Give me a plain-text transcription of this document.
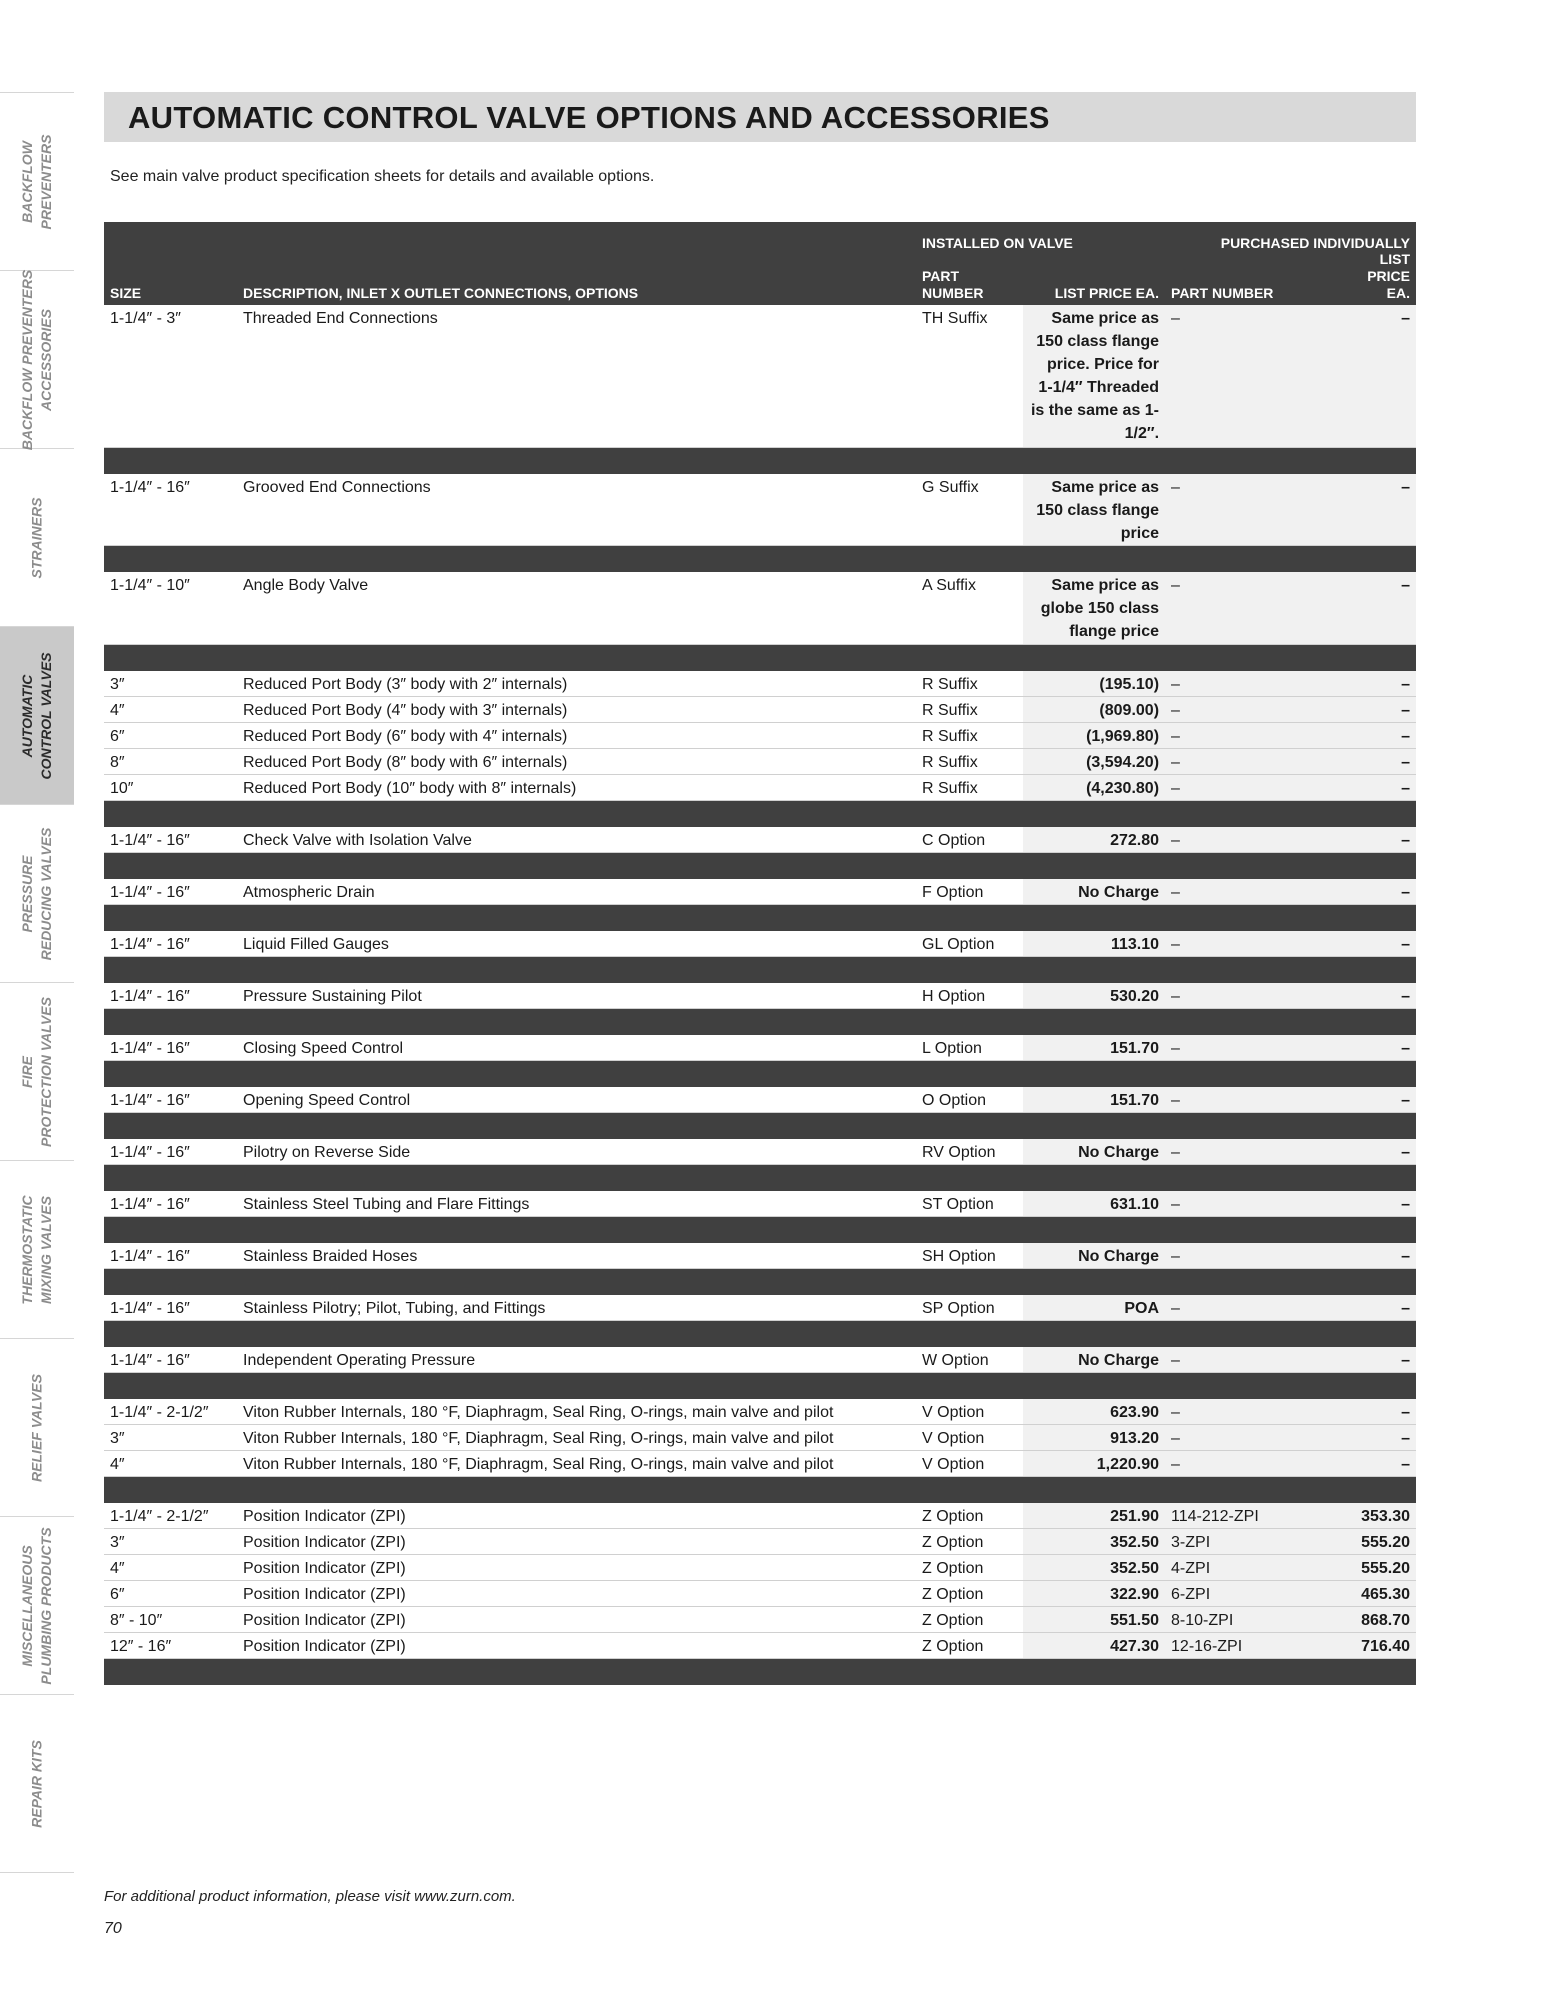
BACKFLOW
PREVENTERS
BACKFLOW PREVENTERS
ACCESSORIES
STRAINERS
AUTOMATIC
CONTROL VALVES
PRESSURE
REDUCING VALVES
FIRE
PROTECTION VALVES
THERMOSTATIC
MIXING VALVES
RELIEF VALVES
MISCELLANEOUS
PLUMBING PRODUCTS
REPAIR KITS
AUTOMATIC CONTROL VALVE OPTIONS AND ACCESSORIES
See main valve product specification sheets for details and available options.
		INSTALLED ON VALVE		PURCHASED INDIVIDUALLY	
SIZE	DESCRIPTION, INLET X OUTLET CONNECTIONS, OPTIONS	PART NUMBER	LIST PRICE EA.	PART NUMBER	LIST PRICE EA.
1-1/4″ - 3″	Threaded End Connections	TH Suffix	Same price as 150 class flange price. Price for 1-1/4″ Threaded is the same as 1-1/2″.	–	–

1-1/4″ - 16″	Grooved End Connections	G Suffix	Same price as 150 class flange price	–	–

1-1/4″ - 10″	Angle Body Valve	A Suffix	Same price as globe 150 class flange price	–	–

3″	Reduced Port Body (3″ body with 2″ internals)	R Suffix	(195.10)	–	–
4″	Reduced Port Body (4″ body with 3″ internals)	R Suffix	(809.00)	–	–
6″	Reduced Port Body (6″ body with 4″ internals)	R Suffix	(1,969.80)	–	–
8″	Reduced Port Body (8″ body with 6″ internals)	R Suffix	(3,594.20)	–	–
10″	Reduced Port Body (10″ body with 8″ internals)	R Suffix	(4,230.80)	–	–

1-1/4″ - 16″	Check Valve with Isolation Valve	C Option	272.80	–	–

1-1/4″ - 16″	Atmospheric Drain	F Option	No Charge	–	–

1-1/4″ - 16″	Liquid Filled Gauges	GL Option	113.10	–	–

1-1/4″ - 16″	Pressure Sustaining Pilot	H Option	530.20	–	–

1-1/4″ - 16″	Closing Speed Control	L Option	151.70	–	–

1-1/4″ - 16″	Opening Speed Control	O Option	151.70	–	–

1-1/4″ - 16″	Pilotry on Reverse Side	RV Option	No Charge	–	–

1-1/4″ - 16″	Stainless Steel Tubing and Flare Fittings	ST Option	631.10	–	–

1-1/4″ - 16″	Stainless Braided Hoses	SH Option	No Charge	–	–

1-1/4″ - 16″	Stainless Pilotry; Pilot, Tubing, and Fittings	SP Option	POA	–	–

1-1/4″ - 16″	Independent Operating Pressure	W Option	No Charge	–	–

1-1/4″ - 2-1/2″	Viton Rubber Internals, 180 °F, Diaphragm, Seal Ring, O-rings, main valve and pilot	V Option	623.90	–	–
3″	Viton Rubber Internals, 180 °F, Diaphragm, Seal Ring, O-rings, main valve and pilot	V Option	913.20	–	–
4″	Viton Rubber Internals, 180 °F, Diaphragm, Seal Ring, O-rings, main valve and pilot	V Option	1,220.90	–	–

1-1/4″ - 2-1/2″	Position Indicator (ZPI)	Z Option	251.90	114-212-ZPI	353.30
3″	Position Indicator (ZPI)	Z Option	352.50	3-ZPI	555.20
4″	Position Indicator (ZPI)	Z Option	352.50	4-ZPI	555.20
6″	Position Indicator (ZPI)	Z Option	322.90	6-ZPI	465.30
8″ - 10″	Position Indicator (ZPI)	Z Option	551.50	8-10-ZPI	868.70
12″ - 16″	Position Indicator (ZPI)	Z Option	427.30	12-16-ZPI	716.40

For additional product information, please visit www.zurn.com.
70
